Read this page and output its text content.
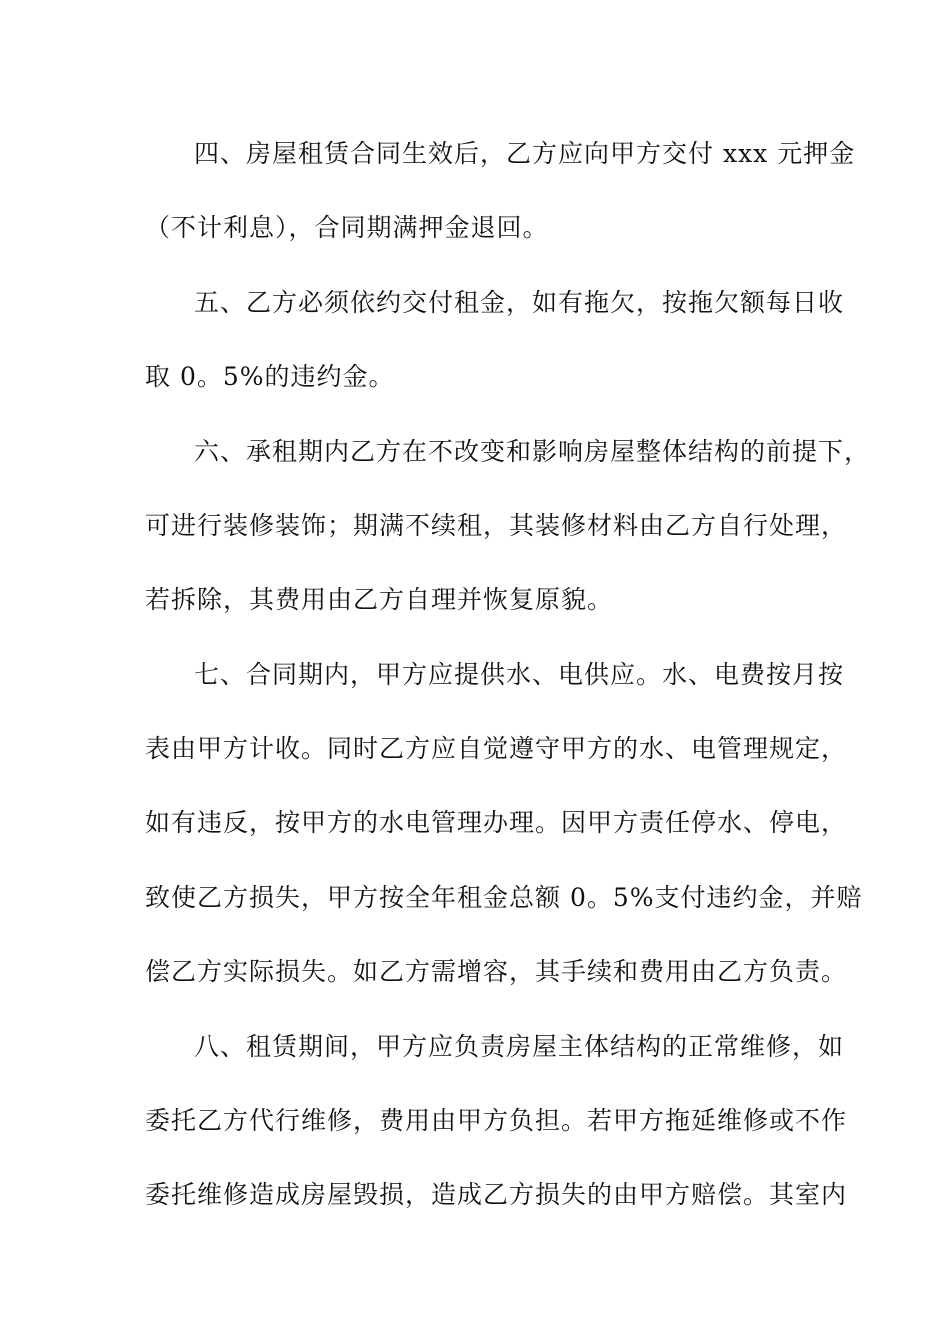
四、房屋租赁合同生效后，乙方应向甲方交付 xxx 元押金
（不计利息），合同期满押金退回。
五、乙方必须依约交付租金，如有拖欠，按拖欠额每日收
取 0。5%的违约金。
六、承租期内乙方在不改变和影响房屋整体结构的前提下，
可进行装修装饰；期满不续租，其装修材料由乙方自行处理，
若拆除，其费用由乙方自理并恢复原貌。
七、合同期内，甲方应提供水、电供应。水、电费按月按
表由甲方计收。同时乙方应自觉遵守甲方的水、电管理规定，
如有违反，按甲方的水电管理办理。因甲方责任停水、停电，
致使乙方损失，甲方按全年租金总额 0。5%支付违约金，并赔
偿乙方实际损失。如乙方需增容，其手续和费用由乙方负责。
八、租赁期间，甲方应负责房屋主体结构的正常维修，如
委托乙方代行维修，费用由甲方负担。若甲方拖延维修或不作
委托维修造成房屋毁损，造成乙方损失的由甲方赔偿。其室内
